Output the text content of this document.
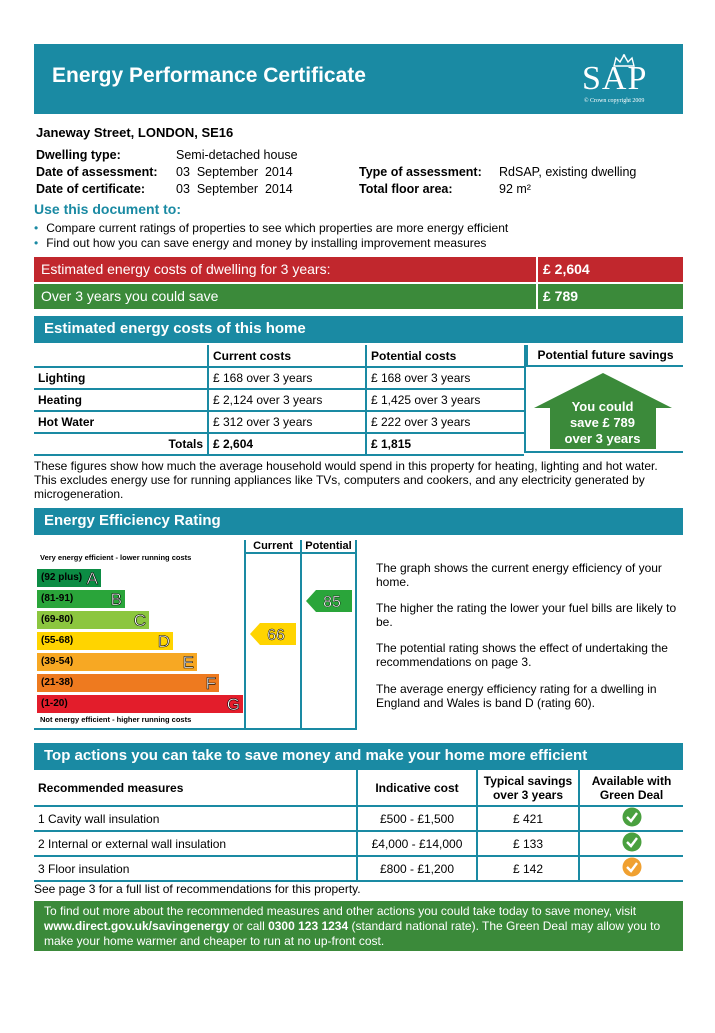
Energy Performance Certificate	SAP
© Crown copyright 2009
Janeway Street, LONDON, SE16
Dwelling type:	Semi-detached house
Date of assessment: 03  September  2014
Date of certificate: 03  September  2014
Type of assessment: RdSAP, existing dwelling
Total floor area:	92 m²
Use this document to:
• Compare current ratings of properties to see which properties are more energy efficient
• Find out how you can save energy and money by installing improvement measures
Estimated energy costs of dwelling for 3 years:	£ 2,604
Over 3 years you could save	£ 789
Estimated energy costs of this home
	Current costs	Potential costs
Lighting	£ 168 over 3 years	£ 168 over 3 years
Heating	£ 2,124 over 3 years	£ 1,425 over 3 years
Hot Water	£ 312 over 3 years	£ 222 over 3 years
Totals	£ 2,604	£ 1,815
Potential future savings
You could
save £ 789
over 3 years
These figures show how much the average household would spend in this property for heating, lighting and hot water. This excludes energy use for running appliances like TVs, computers and cookers, and any electricity generated by microgeneration.
Energy Efficiency Rating
Current	Potential
Very energy efficient - lower running costs
(92 plus) A
(81-91) B
(69-80)	C
(55-68)	D
(39-54)	E
(21-38)	F
(1-20)	G
Not energy efficient - higher running costs
66
85
The graph shows the current energy efficiency of your home.
The higher the rating the lower your fuel bills are likely to be.
The potential rating shows the effect of undertaking the recommendations on page 3.
The average energy efficiency rating for a dwelling in England and Wales is band D (rating 60).
Top actions you can take to save money and make your home more efficient
Recommended measures	Indicative cost	Typical savings over 3 years	Available with Green Deal
1 Cavity wall insulation	£500 - £1,500	£ 421	
2 Internal or external wall insulation	£4,000 - £14,000	£ 133	
3 Floor insulation	£800 - £1,200	£ 142	
See page 3 for a full list of recommendations for this property.
To find out more about the recommended measures and other actions you could take today to save money, visit
www.direct.gov.uk/savingenergy or call 0300 123 1234 (standard national rate). The Green Deal may allow you to make your home warmer and cheaper to run at no up-front cost.
